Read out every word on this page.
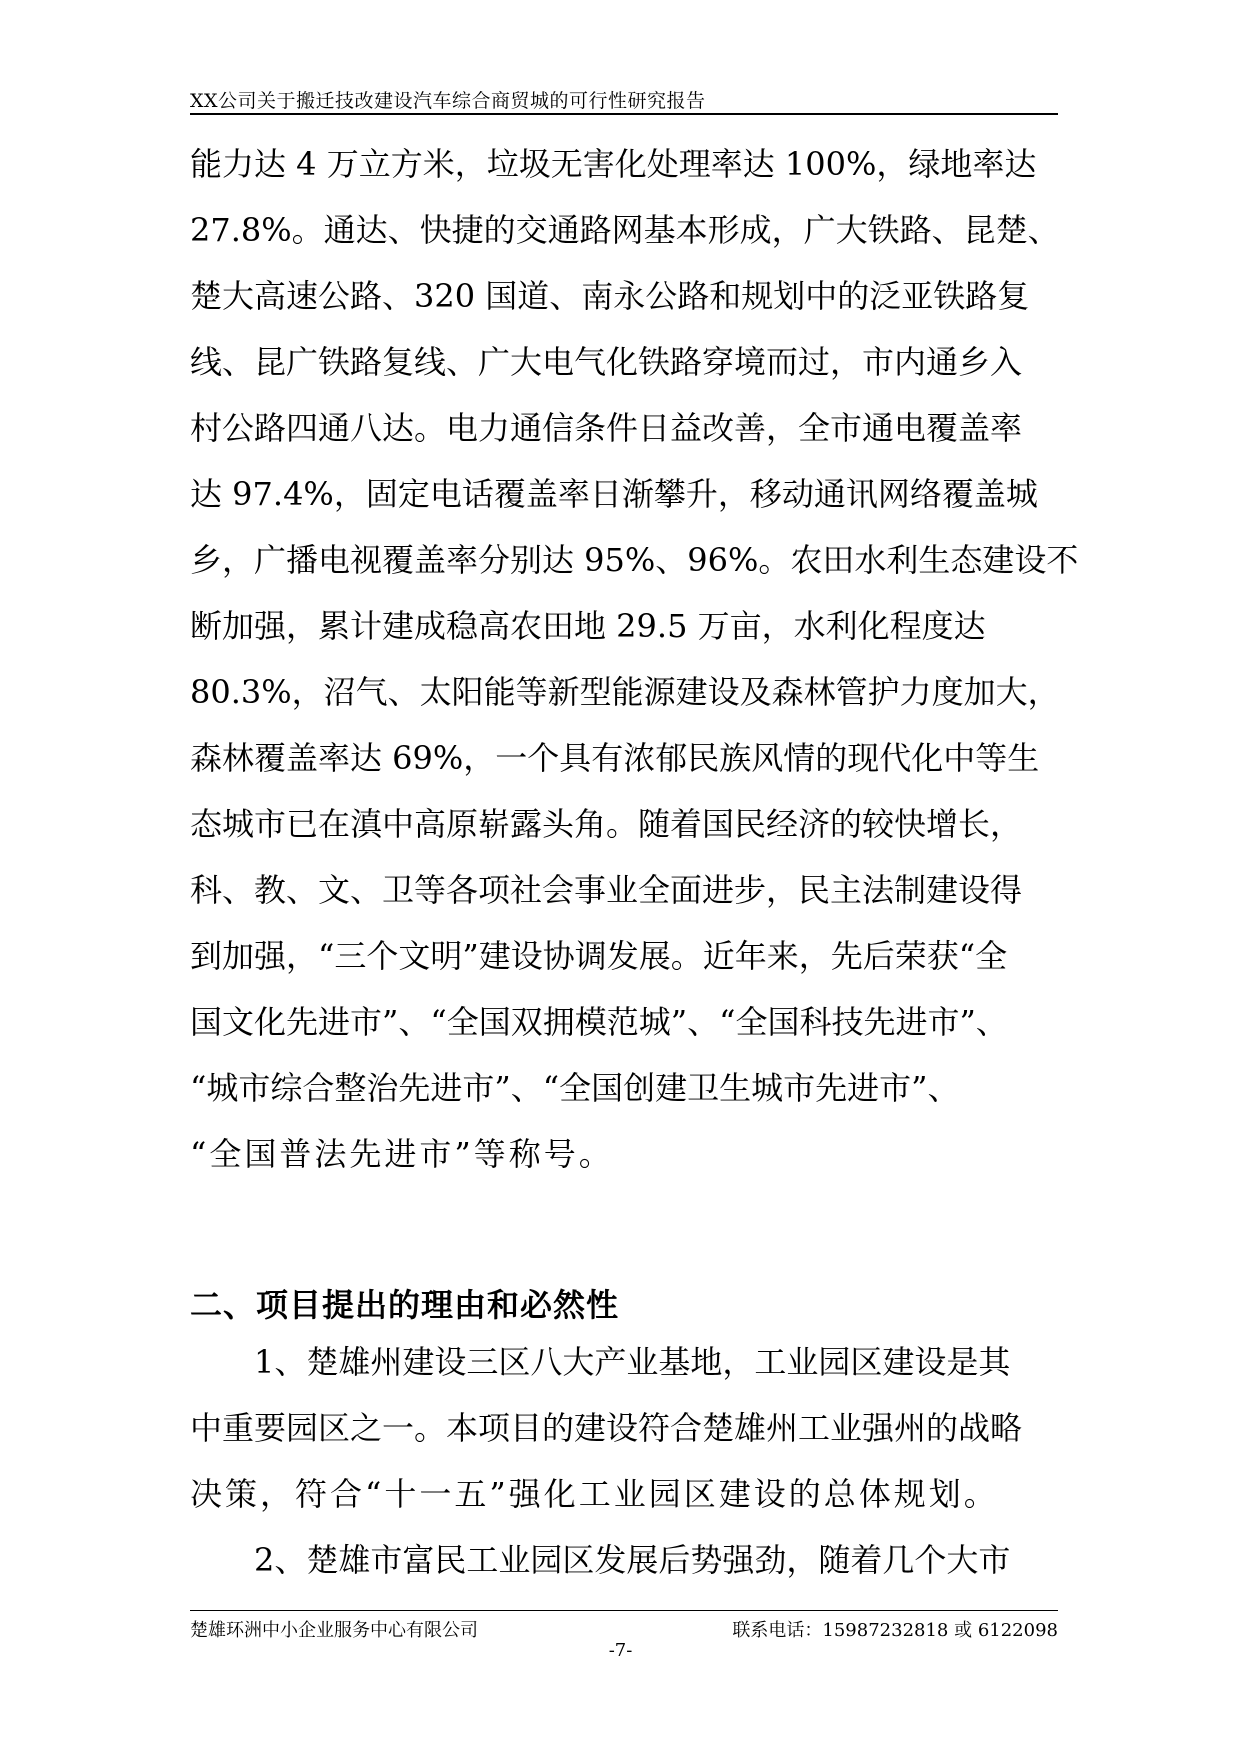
XX公司关于搬迁技改建设汽车综合商贸城的可行性研究报告
能力达 4 万立方米，垃圾无害化处理率达 100%，绿地率达
27.8%。通达、快捷的交通路网基本形成，广大铁路、昆楚、
楚大高速公路、320 国道、南永公路和规划中的泛亚铁路复
线、昆广铁路复线、广大电气化铁路穿境而过，市内通乡入
村公路四通八达。电力通信条件日益改善，全市通电覆盖率
达 97.4%，固定电话覆盖率日渐攀升，移动通讯网络覆盖城
乡，广播电视覆盖率分别达 95%、96%。农田水利生态建设不
断加强，累计建成稳高农田地 29.5 万亩，水利化程度达
80.3%，沼气、太阳能等新型能源建设及森林管护力度加大，
森林覆盖率达 69%，一个具有浓郁民族风情的现代化中等生
态城市已在滇中高原崭露头角。随着国民经济的较快增长，
科、教、文、卫等各项社会事业全面进步，民主法制建设得
到加强，“三个文明”建设协调发展。近年来，先后荣获“全
国文化先进市”、“全国双拥模范城”、“全国科技先进市”、
“城市综合整治先进市”、“全国创建卫生城市先进市”、
“全国普法先进市”等称号。
二、项目提出的理由和必然性
1、楚雄州建设三区八大产业基地，工业园区建设是其
中重要园区之一。本项目的建设符合楚雄州工业强州的战略
决策，符合“十一五”强化工业园区建设的总体规划。
2、楚雄市富民工业园区发展后势强劲，随着几个大市
楚雄环洲中小企业服务中心有限公司	联系电话：15987232818 或 6122098
-7-
